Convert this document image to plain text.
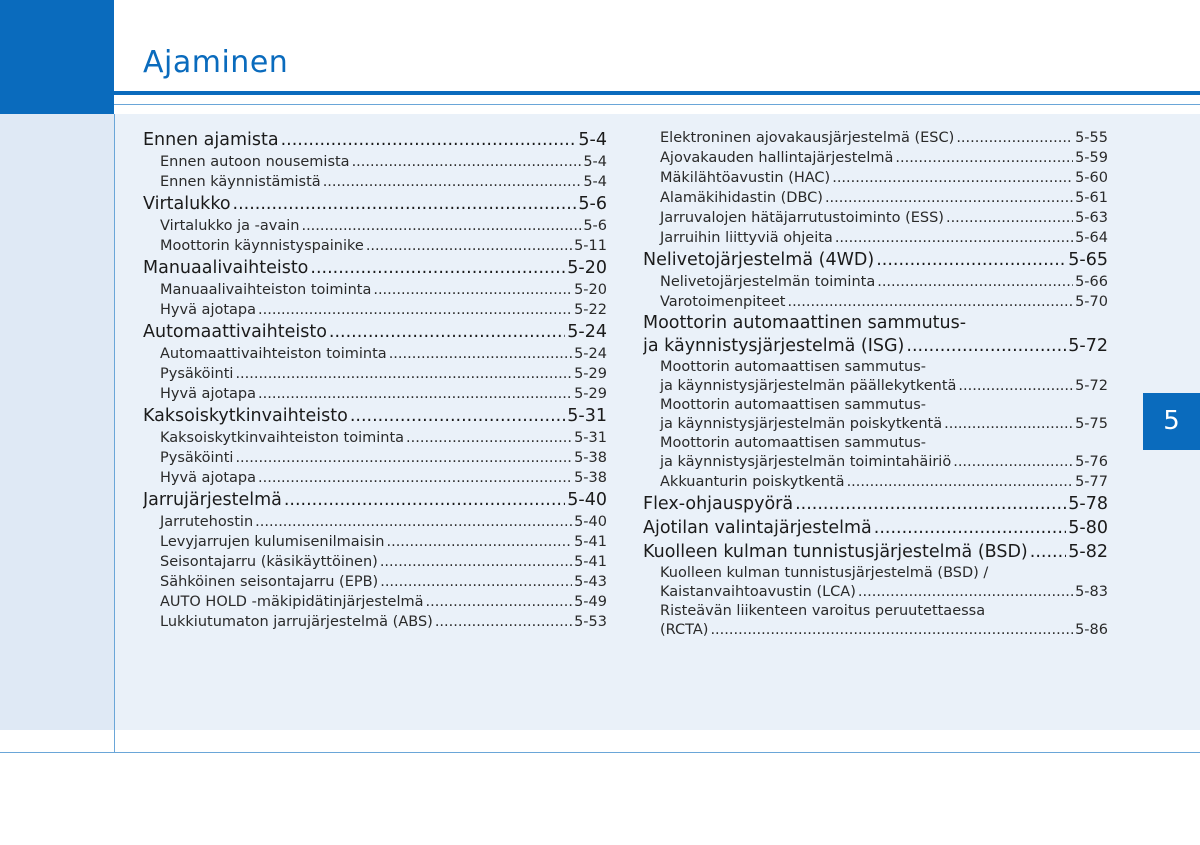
Ajaminen
5
Ennen ajamista .....	5-4
Ennen autoon nousemista .....	5-4
Ennen käynnistämistä .....	5-4
Virtalukko .....	5-6
Virtalukko ja -avain .....	5-6
Moottorin käynnistyspainike .....	5-11
Manuaalivaihteisto .....	5-20
Manuaalivaihteiston toiminta .....	5-20
Hyvä ajotapa .....	5-22
Automaattivaihteisto .....	5-24
Automaattivaihteiston toiminta .....	5-24
Pysäköinti .....	5-29
Hyvä ajotapa .....	5-29
Kaksoiskytkinvaihteisto .....	5-31
Kaksoiskytkinvaihteiston toiminta .....	5-31
Pysäköinti .....	5-38
Hyvä ajotapa .....	5-38
Jarrujärjestelmä .....	5-40
Jarrutehostin .....	5-40
Levyjarrujen kulumisenilmaisin .....	5-41
Seisontajarru (käsikäyttöinen) .....	5-41
Sähköinen seisontajarru (EPB) .....	5-43
AUTO HOLD -mäkipidätinjärjestelmä .....	5-49
Lukkiutumaton jarrujärjestelmä (ABS) .....	5-53
Elektroninen ajovakausjärjestelmä (ESC) .....	5-55
Ajovakauden hallintajärjestelmä .....	5-59
Mäkilähtöavustin (HAC) .....	5-60
Alamäkihidastin (DBC) .....	5-61
Jarruvalojen hätäjarrutustoiminto (ESS) .....	5-63
Jarruihin liittyviä ohjeita .....	5-64
Nelivetojärjestelmä (4WD) .....	5-65
Nelivetojärjestelmän toiminta .....	5-66
Varotoimenpiteet .....	5-70
Moottorin automaattinen sammutus-
ja käynnistysjärjestelmä (ISG) .....	5-72
Moottorin automaattisen sammutus-
ja käynnistysjärjestelmän päällekytkentä .....	5-72
Moottorin automaattisen sammutus-
ja käynnistysjärjestelmän poiskytkentä .....	5-75
Moottorin automaattisen sammutus-
ja käynnistysjärjestelmän toimintahäiriö .....	5-76
Akkuanturin poiskytkentä .....	5-77
Flex-ohjauspyörä .....	5-78
Ajotilan valintajärjestelmä .....	5-80
Kuolleen kulman tunnistusjärjestelmä (BSD) ..... 5-82
Kuolleen kulman tunnistusjärjestelmä (BSD) /
Kaistanvaihtoavustin (LCA) .....	5-83
Risteävän liikenteen varoitus peruutettaessa
(RCTA) .....	5-86
